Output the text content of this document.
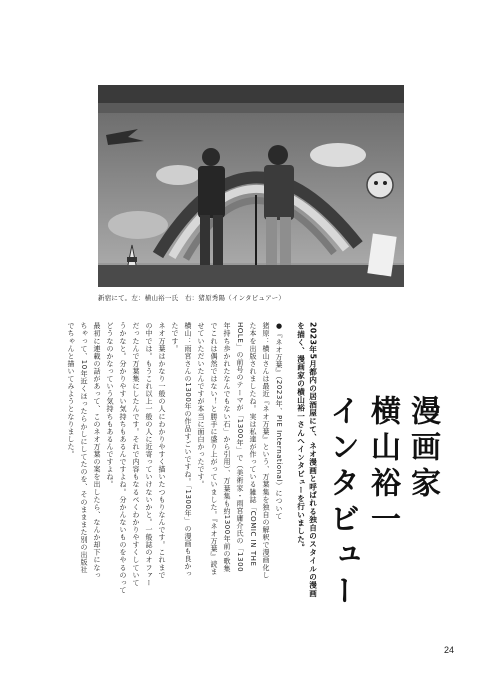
新宿にて。左：横山裕一氏　右：猪原秀陽（インタビュアー）
漫画家
横山裕一
インタビュー
2023年5月都内の居酒屋にて、ネオ漫画と呼ばれる独自のスタイルの漫画
を描く、漫画家の横山裕一さんへインタビューを行いました。
●『ネオ万葉』（2023年、PIE International）について
猪原：横山さんは最近『ネオ万葉』という、万葉集を独自の解釈で漫画化し
た本を出版されましたね。実は私達が作っている雑誌「COMIC IN THE
HOLE」の前号のテーマが「1300年」で（美術家・雨宮庸介氏の「1300
年持ち歩かれたなんでもない石」から引用）、万葉集も約1300年前の歌集
でこれは偶然ではない！と勝手に盛り上がっていました。『ネオ万葉』読ま
せていただいたんですが本当に面白かったです。
横山：雨宮さんの1300年の作品すごいですね。「1300年」の漫画も良かっ
たです。
ネオ万葉はかなり一般の人にわかりやすく描いたつもりなんです。これまで
の中では。もうこれ以上一般の人に近寄っていけないかと。一般誌のオファー
だったんで万葉集にしたんです。それで内容もなるべくわかりやすくしていて
うかなと。分かりやすい気持ちもあるんですよね。分かんないものをやるのって
どうなのかなっていう気持ちもあるんですよね。
最初に連載の話があって、このネオ万葉の案を出したら、なんか却下になっ
ちゃって、10年近くほったらかしにしてたのを、そのまままた別の出版社
でちゃんと描いてみようとなりました。
24
